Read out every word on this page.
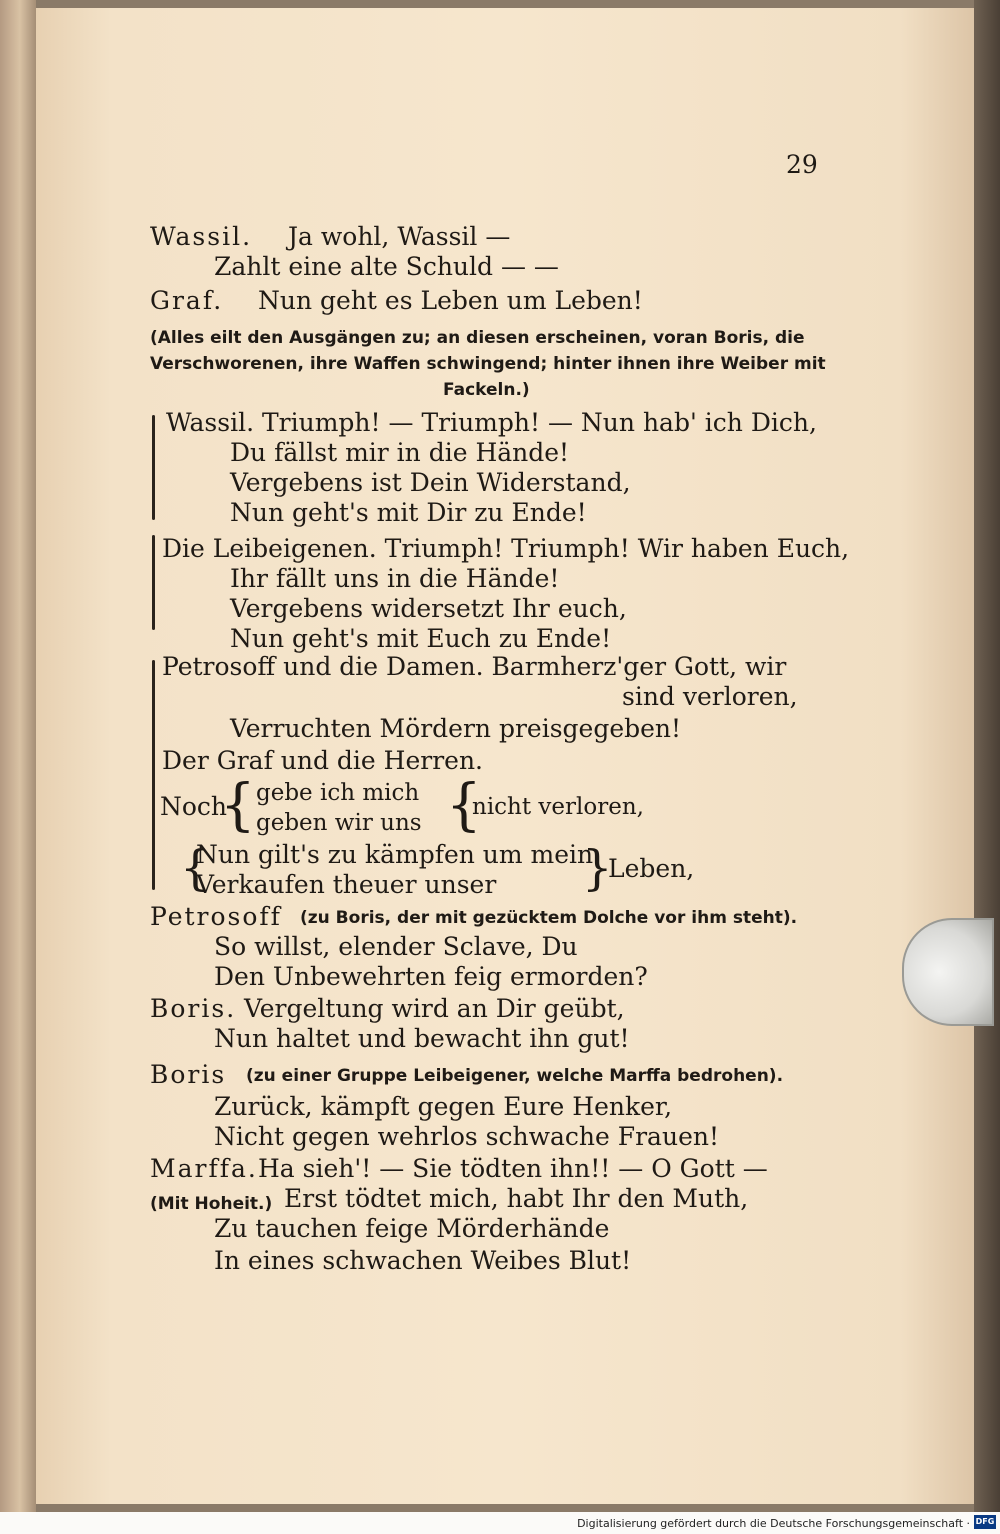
29
Wassil. Ja wohl, Wassil —
Zahlt eine alte Schuld — —
Graf. Nun geht es Leben um Leben!
(Alles eilt den Ausgängen zu; an diesen erscheinen, voran Boris, die
Verschworenen, ihre Waffen schwingend; hinter ihnen ihre Weiber mit
Fackeln.)
Wassil. Triumph! — Triumph! — Nun hab' ich Dich,
Du fällst mir in die Hände!
Vergebens ist Dein Widerstand,
Nun geht's mit Dir zu Ende!
Die Leibeigenen. Triumph! Triumph! Wir haben Euch,
Ihr fällt uns in die Hände!
Vergebens widersetzt Ihr euch,
Nun geht's mit Euch zu Ende!
Petrosoff und die Damen. Barmherz'ger Gott, wir
sind verloren,
Verruchten Mördern preisgegeben!
Der Graf und die Herren.
Noch
{ gebe ich mich
geben wir uns {
nicht verloren,
{
Nun gilt's zu kämpfen um mein
Verkaufen theuer unser }
Leben,
Petrosoff (zu Boris, der mit gezücktem Dolche vor ihm steht).
So willst, elender Sclave, Du
Den Unbewehrten feig ermorden?
Boris. Vergeltung wird an Dir geübt,
Nun haltet und bewacht ihn gut!
Boris (zu einer Gruppe Leibeigener, welche Marffa bedrohen).
Zurück, kämpft gegen Eure Henker,
Nicht gegen wehrlos schwache Frauen!
Marffa. Ha sieh'! — Sie tödten ihn!! — O Gott —
(Mit Hoheit.) Erst tödtet mich, habt Ihr den Muth,
Zu tauchen feige Mörderhände
In eines schwachen Weibes Blut!
Digitalisierung gefördert durch die Deutsche Forschungsgemeinschaft · DFG
